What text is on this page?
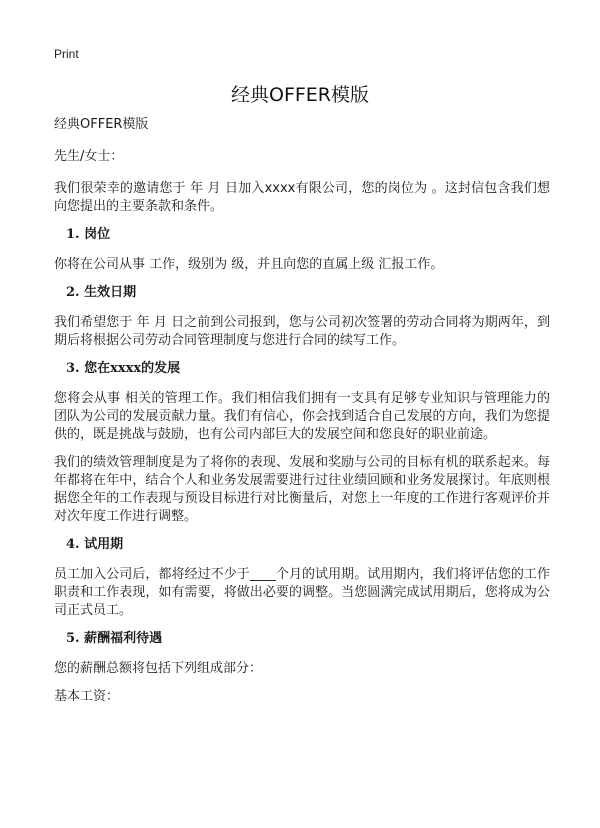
Print
经典OFFER模版

经典OFFER模版

先生/女士：

我们很荣幸的邀请您于 年 月 日加入xxxx有限公司，您的岗位为 。这封信包含我们想向您提出的主要条款和条件。

1. 岗位

你将在公司从事 工作，级别为 级，并且向您的直属上级 汇报工作。

2. 生效日期

我们希望您于 年 月 日之前到公司报到，您与公司初次签署的劳动合同将为期两年，到期后将根据公司劳动合同管理制度与您进行合同的续写工作。

3. 您在xxxx的发展

您将会从事 相关的管理工作。我们相信我们拥有一支具有足够专业知识与管理能力的团队为公司的发展贡献力量。我们有信心，你会找到适合自己发展的方向，我们为您提供的，既是挑战与鼓励，也有公司内部巨大的发展空间和您良好的职业前途。

我们的绩效管理制度是为了将你的表现、发展和奖励与公司的目标有机的联系起来。每年都将在年中，结合个人和业务发展需要进行过往业绩回顾和业务发展探讨。年底则根据您全年的工作表现与预设目标进行对比衡量后，对您上一年度的工作进行客观评价并对次年度工作进行调整。

4. 试用期

员工加入公司后，都将经过不少于____个月的试用期。试用期内，我们将评估您的工作职责和工作表现，如有需要，将做出必要的调整。当您圆满完成试用期后，您将成为公司正式员工。

5. 薪酬福利待遇

您的薪酬总额将包括下列组成部分：

基本工资：
